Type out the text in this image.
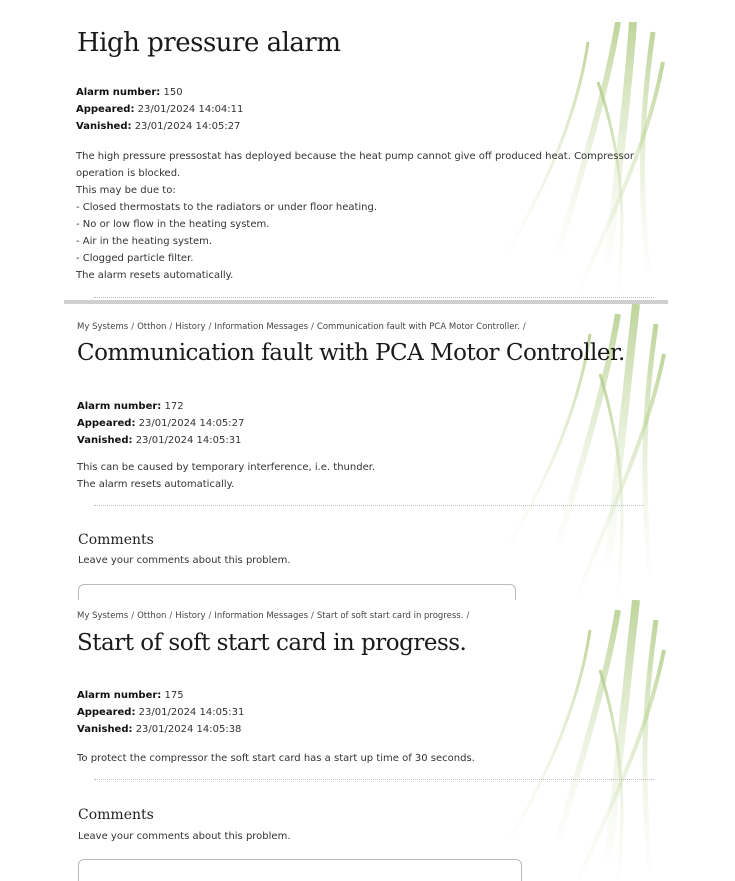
High pressure alarm
Alarm number: 150
Appeared: 23/01/2024 14:04:11
Vanished: 23/01/2024 14:05:27
The high pressure pressostat has deployed because the heat pump cannot give off produced heat. Compressor
operation is blocked.
This may be due to:
- Closed thermostats to the radiators or under floor heating.
- No or low flow in the heating system.
- Air in the heating system.
- Clogged particle filter.
The alarm resets automatically.
My Systems / Otthon / History / Information Messages / Communication fault with PCA Motor Controller. /
Communication fault with PCA Motor Controller.
Alarm number: 172
Appeared: 23/01/2024 14:05:27
Vanished: 23/01/2024 14:05:31
This can be caused by temporary interference, i.e. thunder.
The alarm resets automatically.
Comments
Leave your comments about this problem.
My Systems / Otthon / History / Information Messages / Start of soft start card in progress. /
Start of soft start card in progress.
Alarm number: 175
Appeared: 23/01/2024 14:05:31
Vanished: 23/01/2024 14:05:38
To protect the compressor the soft start card has a start up time of 30 seconds.
Comments
Leave your comments about this problem.
